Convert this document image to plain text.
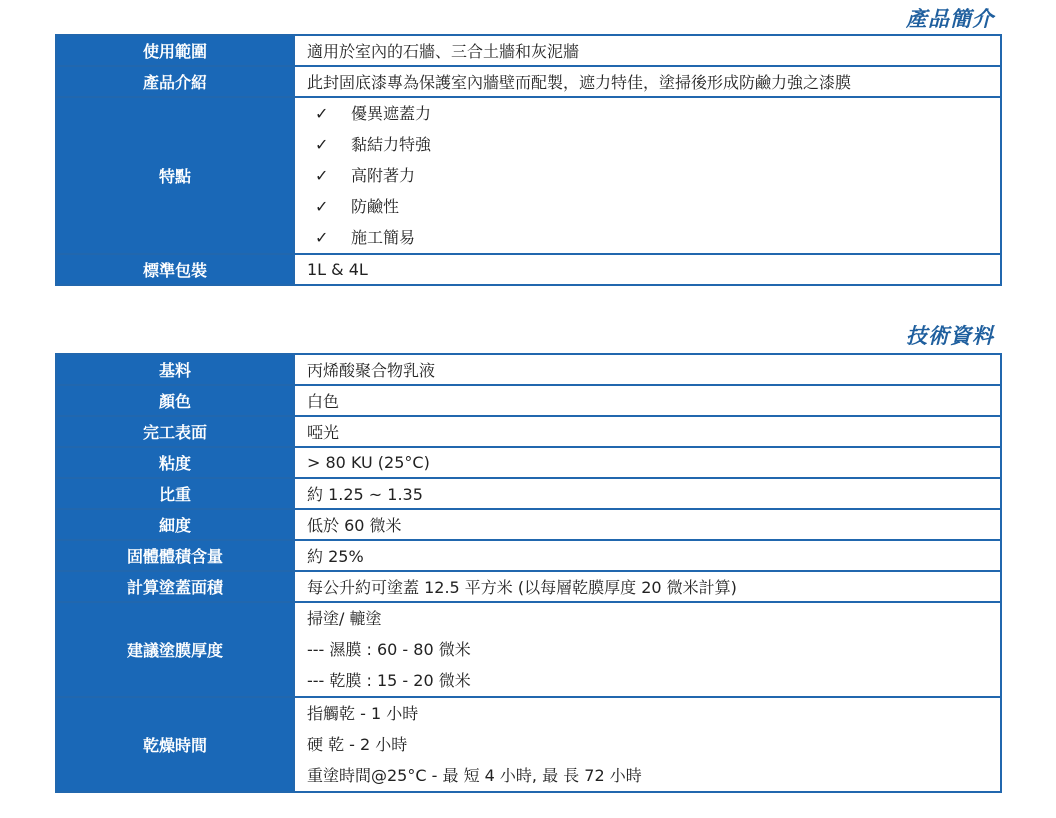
產品簡介
使用範圍	適用於室內的石牆、三合土牆和灰泥牆
產品介紹	此封固底漆專為保護室內牆壁而配製，遮力特佳，塗掃後形成防鹼力強之漆膜
特點	✓ 優異遮蓋力
✓ 黏結力特強
✓ 高附著力
✓ 防鹼性
✓ 施工簡易

標準包裝	1L & 4L
技術資料
基料	丙烯酸聚合物乳液
顏色	白色
完工表面	啞光
粘度	> 80 KU (25°C)
比重	約 1.25 ~ 1.35
細度	低於 60 微米
固體體積含量	約 25%
計算塗蓋面積	每公升約可塗蓋 12.5 平方米 (以每層乾膜厚度 20 微米計算)
建議塗膜厚度	掃塗/ 轆塗
--- 濕膜 : 60 - 80 微米
--- 乾膜 : 15 - 20 微米

乾燥時間	指觸乾 - 1 小時
硬 乾 - 2 小時
重塗時間@25°C - 最 短 4 小時, 最 長 72 小時
